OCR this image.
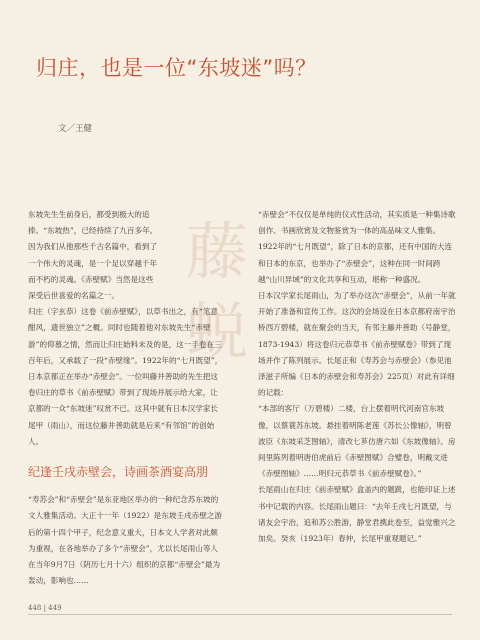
归庄，也是一位“东坡迷”吗？
文／王健
藤 蜕

东坡先生生前身后，都受到极大的追捧。“东坡热”，已经持续了九百多年。因为我们从他那些千古名篇中，看到了一个伟大的灵魂，是一个足以穿越千年而不朽的灵魂。《赤壁赋》当然是这些深受后世喜爱的名篇之一。

归庄（字玄恭）这卷《前赤壁赋》，以草书出之，有“笔意酣风，遗世独立”之概。同时也随着他对东坡先生“赤壁游”的仰慕之情，然而让归庄始料未及的是，这一手卷在三百年后，又承载了一段“赤壁缘”。1922年的“七月既望”，日本京都正在举办“赤壁会”。一位叫藤井善助的先生把这卷归庄的草书《前赤壁赋》带到了现场并展示给大家，让京都的一众“东坡迷”叹赏不已。这其中就有日本汉学家长尾甲（雨山），而这位藤井善助就是后来“有邻馆”的创始人。

纪逢壬戌赤壁会，诗画茶酒宴高朋

“寿苏会”和“赤壁会”是东亚地区举办的一种纪念苏东坡的文人雅集活动。大正十一年（1922）是东坡壬戌赤壁之游后的第十四个甲子，纪念意义重大，日本文人学者对此颇为重视，在各地举办了多个“赤壁会”，尤以长尾雨山等人在当年9月7日（阴历七月十六）组织的京都“赤壁会”最为轰动，影响也……

“赤壁会”不仅仅是单纯的仪式性活动，其实质是一种集诗歌创作、书画欣赏及文物鉴赏为一体的高品味文人雅集。1922年的“七月既望”，除了日本的京都，还有中国的大连和日本的东京，也举办了“赤壁会”，这种在同一时间跨越“山川异域”的文化共享和互动，堪称一种盛况。

日本汉学家长尾雨山，为了举办这次“赤壁会”，从前一年就开始了准备和宣传工作。这次的会场设在日本京都府南宇治桥西万碧楼，就在聚会的当天，有邻主藤井善助（号静堂，1873-1943）将这卷归元恭草书《前赤壁赋卷》带到了现场并作了陈列展示。长尾正和《寿苏会与赤壁会》（参见池泽滋子所编《日本的赤壁会和寿苏会》225页）对此有详细的记载：

“本部的客厅（万碧楼）二楼，台上摆着明代河南官东坡像，以蔡蓑苏东坡。悬挂着明陈老莲《苏长公像轴》，明曾波臣《东坡采芝图轴》，清改七芗仿唐六如《东坡像轴》。房间里陈列着明唐伯虎前后《赤壁图赋》合璧卷，明戴文进《赤壁图轴》……明归元恭草书《前赤壁赋卷》。”

长尾雨山在归庄《前赤壁赋》盒盖内的题跋，也能印证上述书中记载的内容。长尾雨山题曰：“去年壬戌七月既望，与诸友会宇治，追和苏公胜游，静堂君携此卷至，益觉雅兴之加矣。癸亥（1923年）春仲，长尾甲重观题记。”

448 | 449
